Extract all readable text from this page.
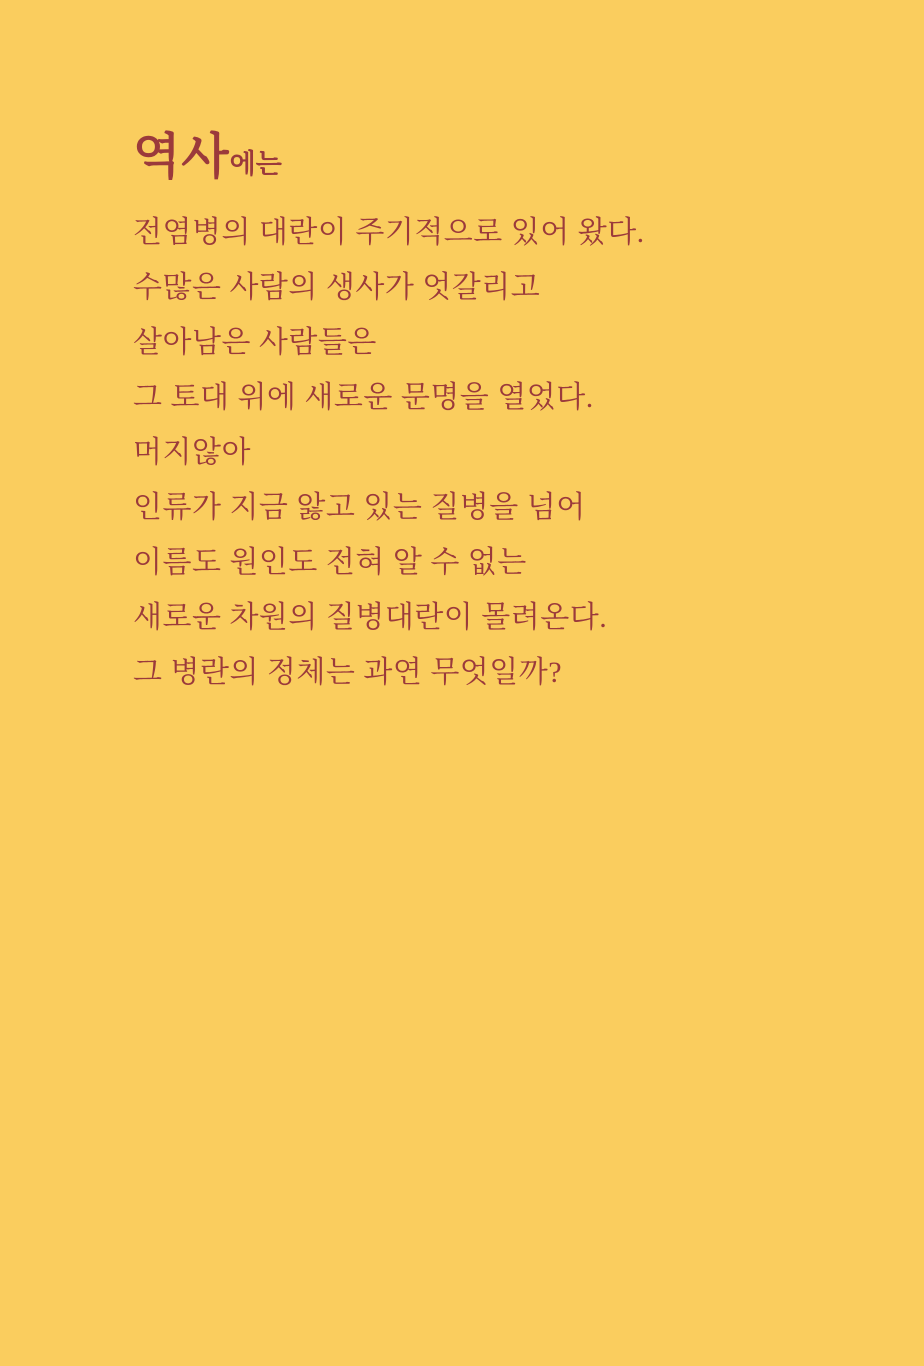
역사에는
전염병의 대란이 주기적으로 있어 왔다.
수많은 사람의 생사가 엇갈리고
살아남은 사람들은
그 토대 위에 새로운 문명을 열었다.
머지않아
인류가 지금 앓고 있는 질병을 넘어
이름도 원인도 전혀 알 수 없는
새로운 차원의 질병대란이 몰려온다.
그 병란의 정체는 과연 무엇일까?
